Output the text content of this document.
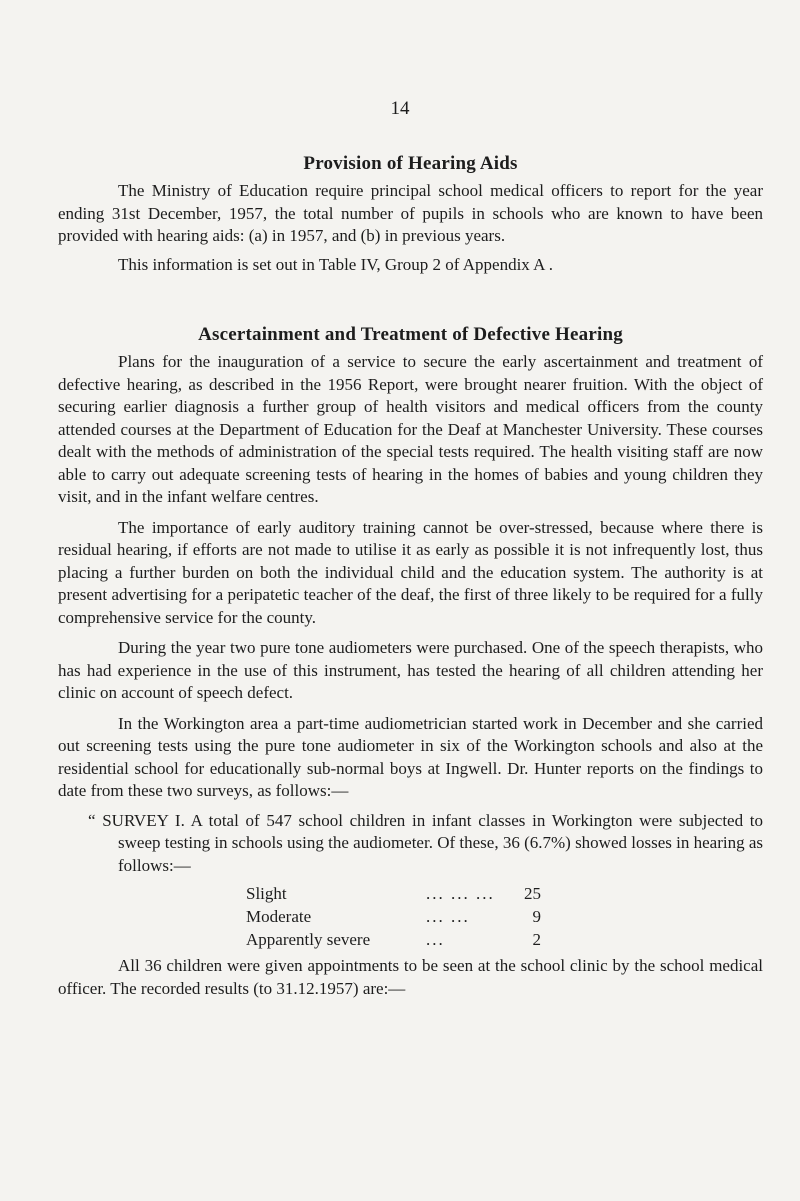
14
Provision of Hearing Aids

The Ministry of Education require principal school medical officers to report for the year ending 31st December, 1957, the total number of pupils in schools who are known to have been provided with hearing aids: (a) in 1957, and (b) in previous years.

This information is set out in Table IV, Group 2 of Appendix A .

Ascertainment and Treatment of Defective Hearing

Plans for the inauguration of a service to secure the early ascertainment and treatment of defective hearing, as described in the 1956 Report, were brought nearer fruition. With the object of securing earlier diagnosis a further group of health visitors and medical officers from the county attended courses at the Department of Education for the Deaf at Manchester University. These courses dealt with the methods of administration of the special tests required. The health visiting staff are now able to carry out adequate screening tests of hearing in the homes of babies and young children they visit, and in the infant welfare centres.

The importance of early auditory training cannot be over-stressed, because where there is residual hearing, if efforts are not made to utilise it as early as possible it is not infrequently lost, thus placing a further burden on both the individual child and the education system. The authority is at present advertising for a peripatetic teacher of the deaf, the first of three likely to be required for a fully comprehensive service for the county.

During the year two pure tone audiometers were purchased. One of the speech therapists, who has had experience in the use of this instrument, has tested the hearing of all children attending her clinic on account of speech defect.

In the Workington area a part-time audiometrician started work in December and she carried out screening tests using the pure tone audiometer in six of the Workington schools and also at the residential school for educationally sub-normal boys at Ingwell. Dr. Hunter reports on the findings to date from these two surveys, as follows:—

“ SURVEY I. A total of 547 school children in infant classes in Workington were subjected to sweep testing in schools using the audiometer. Of these, 36 (6.7%) showed losses in hearing as follows:—

Slight	... ... ...	25
Moderate	... ...	9
Apparently severe	...	2

All 36 children were given appointments to be seen at the school clinic by the school medical officer. The recorded results (to 31.12.1957) are:—
